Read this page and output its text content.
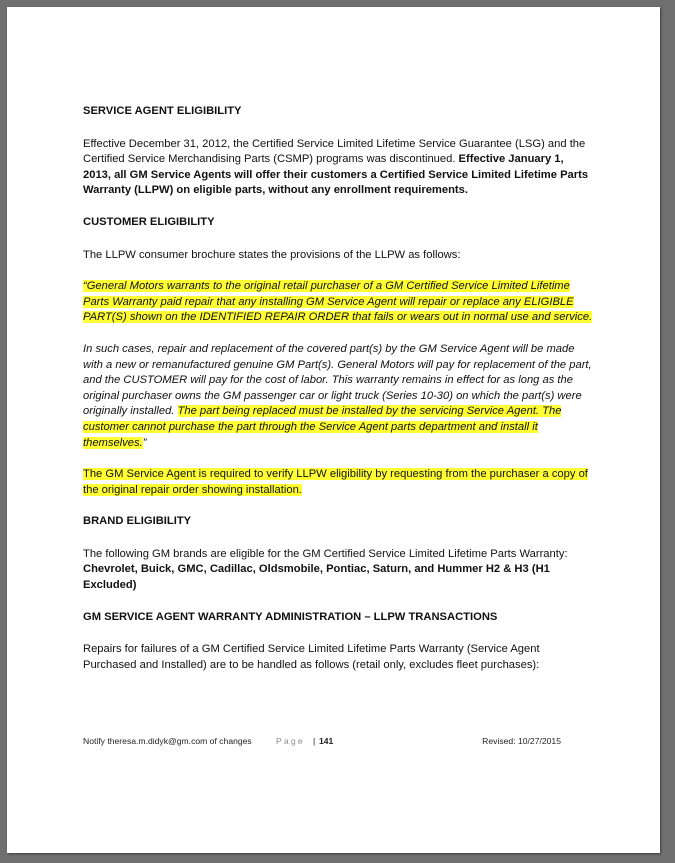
SERVICE AGENT ELIGIBILITY

Effective December 31, 2012, the Certified Service Limited Lifetime Service Guarantee (LSG) and the Certified Service Merchandising Parts (CSMP) programs was discontinued. Effective January 1, 2013, all GM Service Agents will offer their customers a Certified Service Limited Lifetime Parts Warranty (LLPW) on eligible parts, without any enrollment requirements.

CUSTOMER ELIGIBILITY

The LLPW consumer brochure states the provisions of the LLPW as follows:

“General Motors warrants to the original retail purchaser of a GM Certified Service Limited Lifetime Parts Warranty paid repair that any installing GM Service Agent will repair or replace any ELIGIBLE PART(S) shown on the IDENTIFIED REPAIR ORDER that fails or wears out in normal use and service.

In such cases, repair and replacement of the covered part(s) by the GM Service Agent will be made with a new or remanufactured genuine GM Part(s). General Motors will pay for replacement of the part, and the CUSTOMER will pay for the cost of labor. This warranty remains in effect for as long as the original purchaser owns the GM passenger car or light truck (Series 10-30) on which the part(s) were originally installed. The part being replaced must be installed by the servicing Service Agent. The customer cannot purchase the part through the Service Agent parts department and install it themselves.”

The GM Service Agent is required to verify LLPW eligibility by requesting from the purchaser a copy of the original repair order showing installation.

BRAND ELIGIBILITY

The following GM brands are eligible for the GM Certified Service Limited Lifetime Parts Warranty: Chevrolet, Buick, GMC, Cadillac, Oldsmobile, Pontiac, Saturn, and Hummer H2 & H3 (H1 Excluded)

GM SERVICE AGENT WARRANTY ADMINISTRATION – LLPW TRANSACTIONS

Repairs for failures of a GM Certified Service Limited Lifetime Parts Warranty (Service Agent Purchased and Installed) are to be handled as follows (retail only, excludes fleet purchases):

Notify theresa.m.didyk@gm.com of changes	Page | 141	Revised: 10/27/2015
